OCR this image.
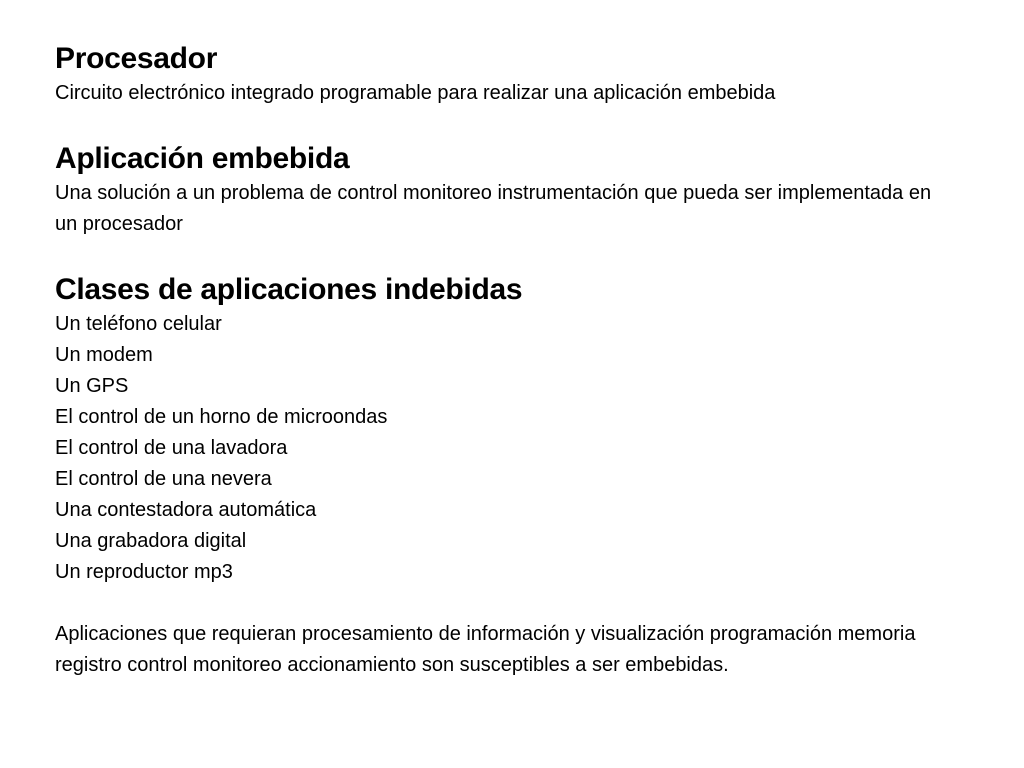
Procesador

Circuito electrónico integrado programable para realizar una aplicación embebida

Aplicación embebida

Una solución a un problema de control monitoreo instrumentación que pueda ser implementada en un procesador

Clases de aplicaciones indebidas
Un teléfono celular
Un modem
Un GPS
El control de un horno de microondas
El control de una lavadora
El control de una nevera
Una contestadora automática
Una grabadora digital
Un reproductor mp3

Aplicaciones que requieran procesamiento de información y visualización programación memoria registro control monitoreo accionamiento son susceptibles a ser embebidas.
